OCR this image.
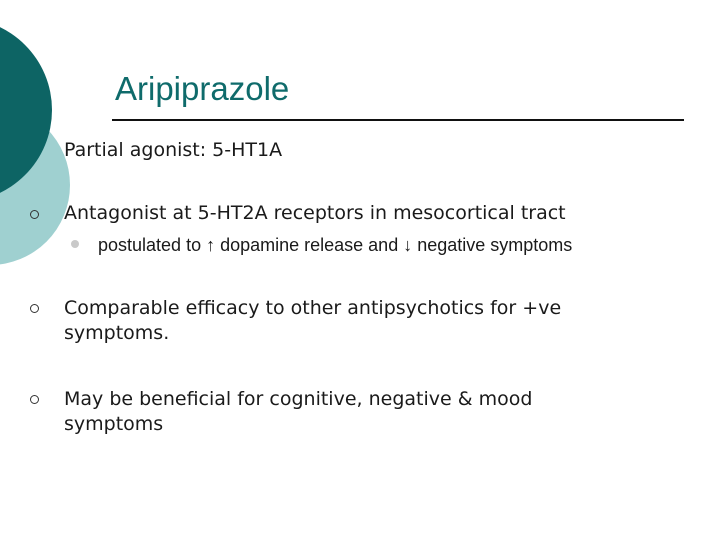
Aripiprazole
Partial agonist: 5-HT1A
Antagonist at 5-HT2A receptors in mesocortical tract
postulated to ↑ dopamine release and ↓ negative symptoms
Comparable efficacy to other antipsychotics for +ve symptoms.
May be beneficial for cognitive, negative & mood symptoms
